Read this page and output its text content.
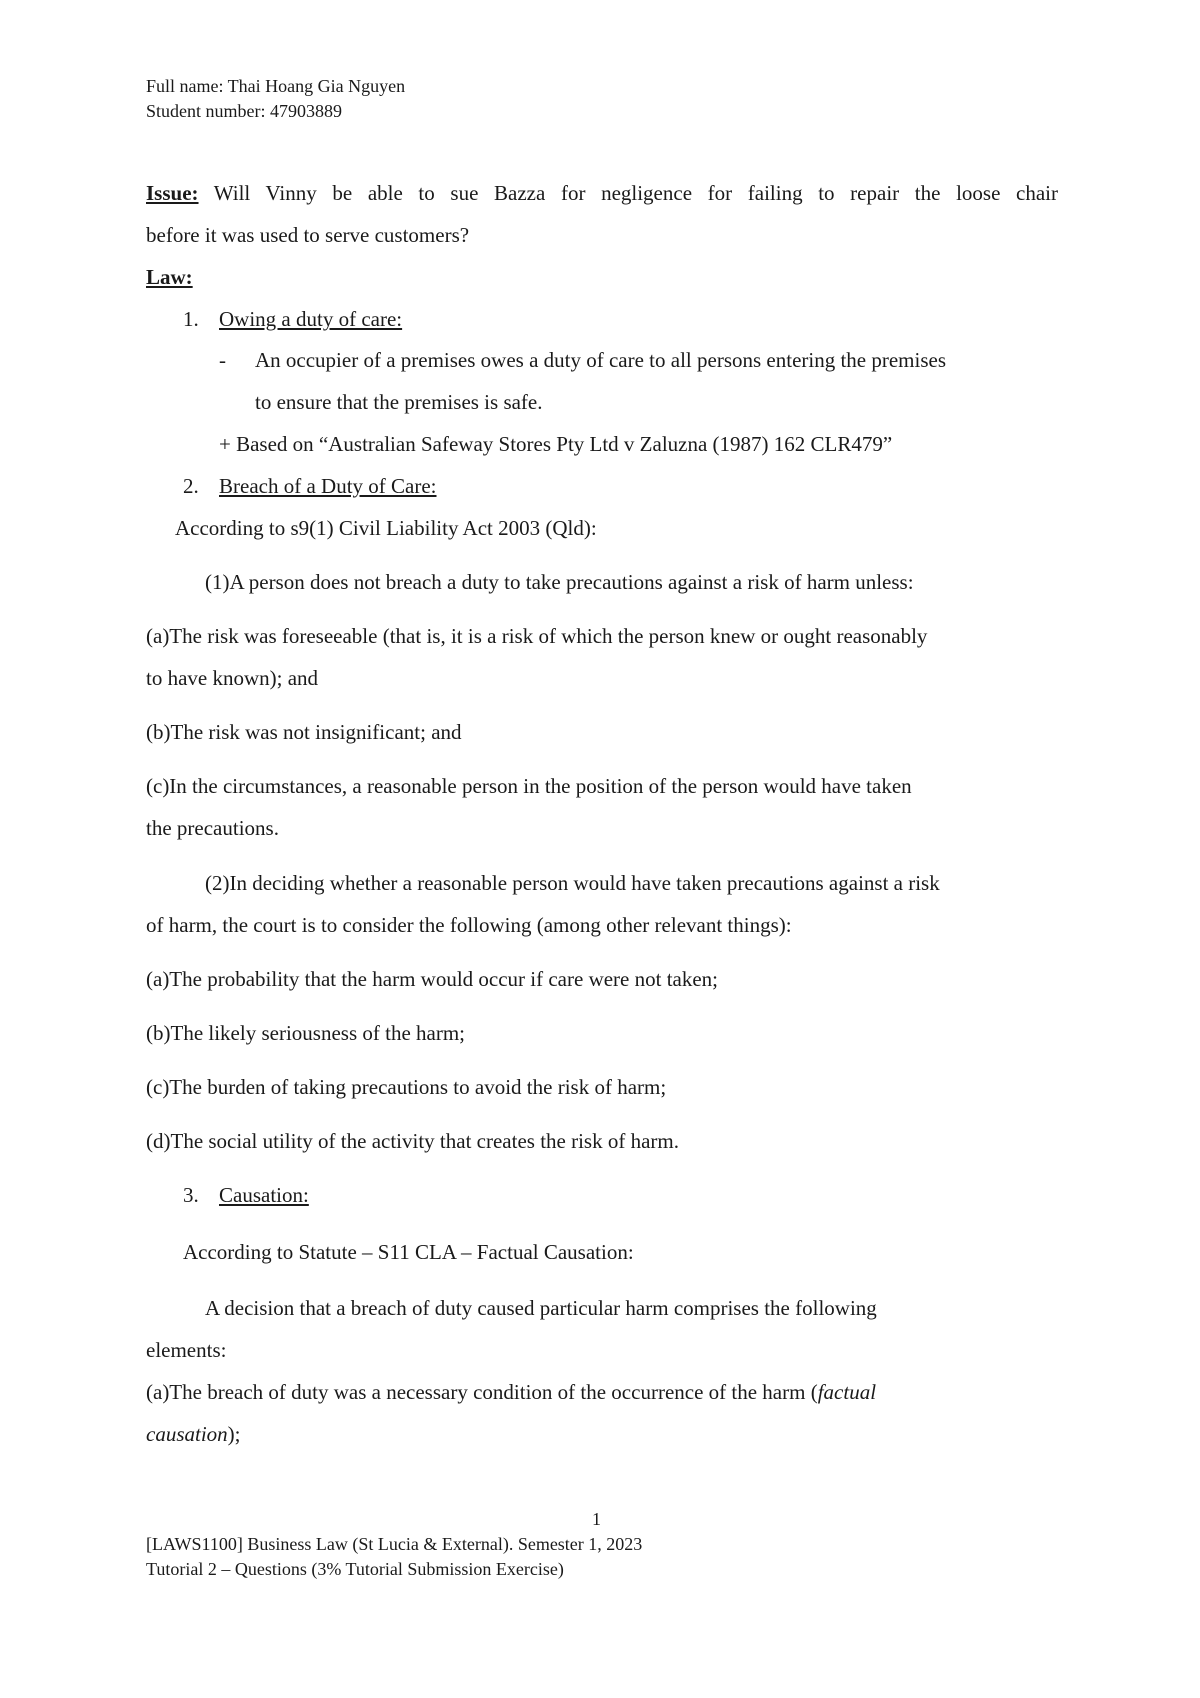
Full name: Thai Hoang Gia Nguyen
Student number: 47903889
Issue: Will Vinny be able to sue Bazza for negligence for failing to repair the loose chair
before it was used to serve customers?
Law:
1. Owing a duty of care:
- An occupier of a premises owes a duty of care to all persons entering the premises
to ensure that the premises is safe.
+ Based on “Australian Safeway Stores Pty Ltd v Zaluzna (1987) 162 CLR479”
2. Breach of a Duty of Care:
According to s9(1) Civil Liability Act 2003 (Qld):
(1)A person does not breach a duty to take precautions against a risk of harm unless:
(a)The risk was foreseeable (that is, it is a risk of which the person knew or ought reasonably
to have known); and
(b)The risk was not insignificant; and
(c)In the circumstances, a reasonable person in the position of the person would have taken
the precautions.
(2)In deciding whether a reasonable person would have taken precautions against a risk
of harm, the court is to consider the following (among other relevant things):
(a)The probability that the harm would occur if care were not taken;
(b)The likely seriousness of the harm;
(c)The burden of taking precautions to avoid the risk of harm;
(d)The social utility of the activity that creates the risk of harm.
3. Causation:
According to Statute – S11 CLA – Factual Causation:
A decision that a breach of duty caused particular harm comprises the following
elements:
(a)The breach of duty was a necessary condition of the occurrence of the harm (factual
causation);
1
[LAWS1100] Business Law (St Lucia & External). Semester 1, 2023
Tutorial 2 – Questions (3% Tutorial Submission Exercise)
